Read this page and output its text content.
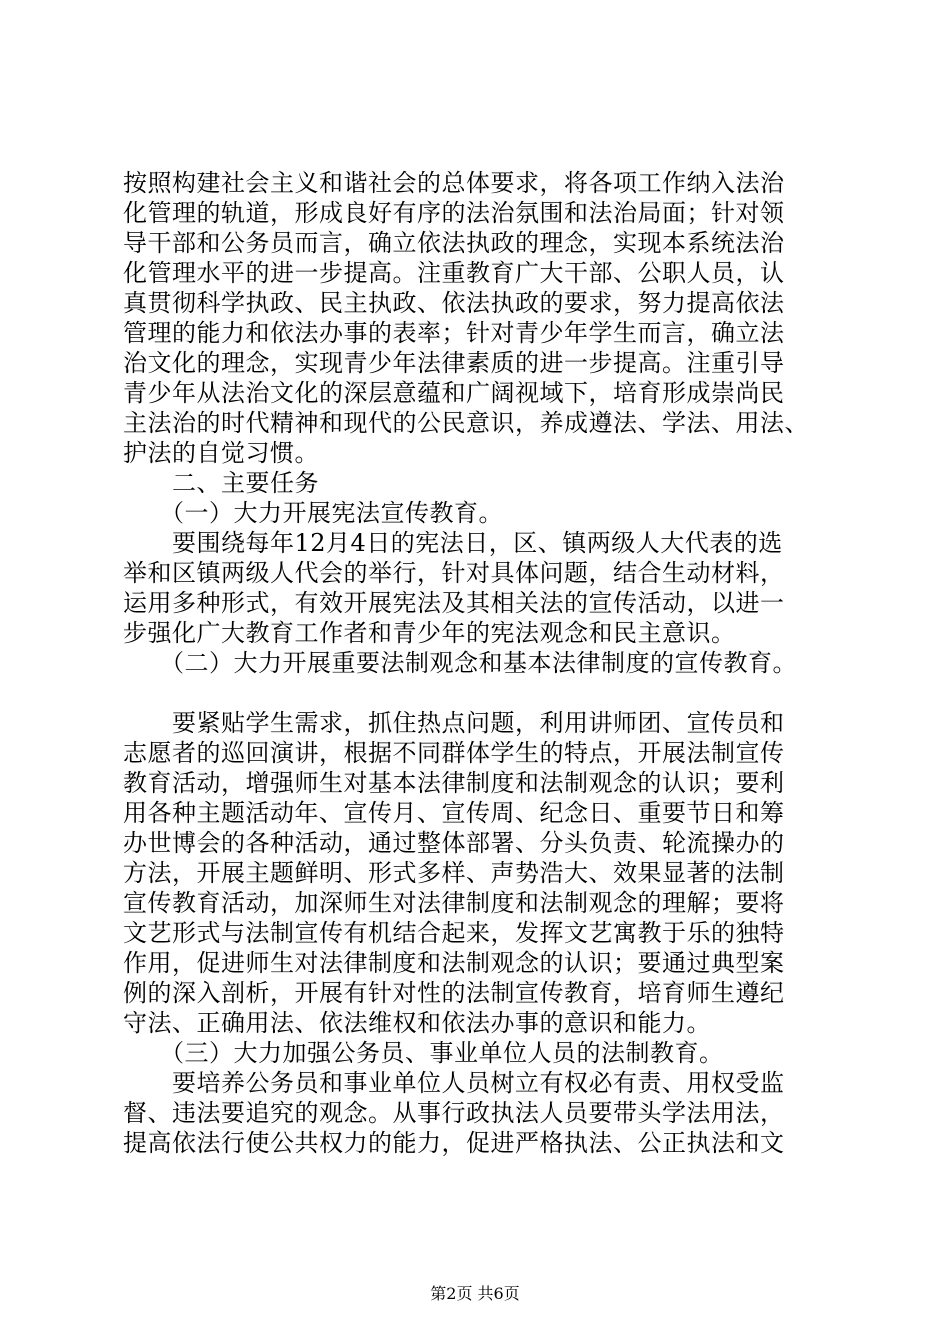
按照构建社会主义和谐社会的总体要求，将各项工作纳入法治
化管理的轨道，形成良好有序的法治氛围和法治局面；针对领
导干部和公务员而言，确立依法执政的理念，实现本系统法治
化管理水平的进一步提高。注重教育广大干部、公职人员，认
真贯彻科学执政、民主执政、依法执政的要求，努力提高依法
管理的能力和依法办事的表率；针对青少年学生而言，确立法
治文化的理念，实现青少年法律素质的进一步提高。注重引导
青少年从法治文化的深层意蕴和广阔视域下，培育形成崇尚民
主法治的时代精神和现代的公民意识，养成遵法、学法、用法、
护法的自觉习惯。
　　二、主要任务
　　（一）大力开展宪法宣传教育。
　　要围绕每年12月4日的宪法日，区、镇两级人大代表的选
举和区镇两级人代会的举行，针对具体问题，结合生动材料，
运用多种形式，有效开展宪法及其相关法的宣传活动，以进一
步强化广大教育工作者和青少年的宪法观念和民主意识。
　　（二）大力开展重要法制观念和基本法律制度的宣传教育。
　　要紧贴学生需求，抓住热点问题，利用讲师团、宣传员和
志愿者的巡回演讲，根据不同群体学生的特点，开展法制宣传
教育活动，增强师生对基本法律制度和法制观念的认识；要利
用各种主题活动年、宣传月、宣传周、纪念日、重要节日和筹
办世博会的各种活动，通过整体部署、分头负责、轮流操办的
方法，开展主题鲜明、形式多样、声势浩大、效果显著的法制
宣传教育活动，加深师生对法律制度和法制观念的理解；要将
文艺形式与法制宣传有机结合起来，发挥文艺寓教于乐的独特
作用，促进师生对法律制度和法制观念的认识；要通过典型案
例的深入剖析，开展有针对性的法制宣传教育，培育师生遵纪
守法、正确用法、依法维权和依法办事的意识和能力。
　　（三）大力加强公务员、事业单位人员的法制教育。
　　要培养公务员和事业单位人员树立有权必有责、用权受监
督、违法要追究的观念。从事行政执法人员要带头学法用法，
提高依法行使公共权力的能力，促进严格执法、公正执法和文
第2页 共6页
